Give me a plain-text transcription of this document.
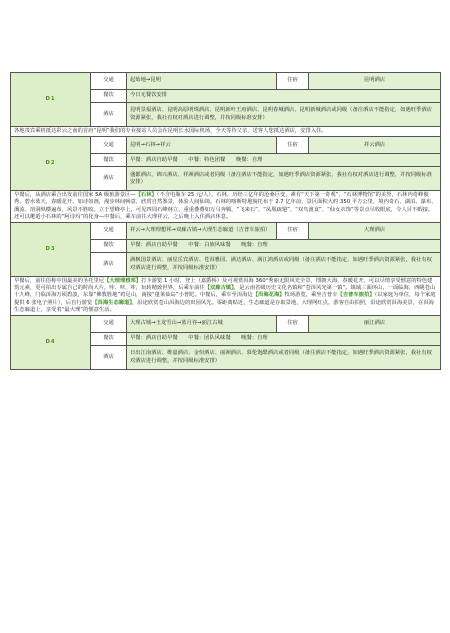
D1	交通	起始地→昆明	住宿	昆明酒店
	餐饮	今日无餐饮安排		
	酒店	昆明景福酒店、昆明高原明珠酒店、昆明新叶王府酒店、昆明春城酒店、昆明新城酒店或同级（备注酒店不能指定，如遇旺季酒店资源紧张，我社有权对酒店进行调整，并按同级标准安排）		
各地贵宾乘机抵达彩云之南的首府“昆明”我们的专业接站人员会在昆明长水国际机场，全天等待父亲，送客人您抵达酒店，安排入住。				
D2	交通	昆明→石林→祥云	住宿	祥云酒店
	餐饮	早餐：酒店自助早餐　　中餐：特色团餐　　晚餐：自理		
	酒店	盛都酒店、锦兴酒店、祥洲酒店或者同级（备注酒店不能指定，如遇旺季酒店资源紧张，我社有权对酒店进行调整，并按同级标准安排）		
早餐后，从酒店乘合出发前往国家 5A 级旅游景区—【石林】（不含电瓶车 25 元/人）。石林，历经三亿年的沧桑巨变，素有“天下第一奇观”、“石林博物馆”的美誉，石林内奇峰俊秀，碧水蓝天，春暖花开，如诗如画，漫步林间畅意，欣赏自然鉴景，体验人间仙境。石林的喀斯特地貌托布于 2.7 亿年前，景区面积大约 350 平方公里，境内奇石、湖泊、瀑布、溪流、溶洞纵横遍布，风景不胜收。立于望峰亭上，可见四周石峰林立，重重叠叠如万马奔腾，“飞来石”、“凤凰疏翅”、“双鸟渡食”、“仙女衣饰”等景点尽收眼底，令人目不暇接。还可以邂逅小石林的“阿诗玛”的化身—中餐后，乘车前往大理祥云，之后晚上入住酒店休息。				
D3	交通	祥云→大理理想邦→双廊古镇→大理生态廊道（吉普车旅拍）	住宿	大理酒店
	餐饮	早餐：酒店自助早餐　　中餐：白族风味餐　　晚餐：自理		
	酒店	满枫国景酒店、丽星岳宾酒店、苍洱雅园、满达酒店、满江鸿酒店或同级（备注酒店不能指定，如遇旺季酒店资源紧张，我社有权对酒店进行调整，并按同级标准安排）		
早餐后，前往俗称中国最美的圣托里尼【大理理想邦】打卡游览 1 小时，登上（嘉爵桥）及可观赏洱海 360°秀丽无限风光全景，图朝大海、春暖花开，可以尽情享受惬意的特色建筑元素，更可拍出专属自己的时尚大片，咔、咔、咔，玩转精致世界，后乘车前往【双廊古镇】，是云南省级历史文化名镇和“苍洱风光第一镇”。镇域三面环山，一面临海，西眺苍山十九峰，门临洱海万顷碧波，东靠“佛教胜地”鸡足山，南接“蓬莱仙岛”小普陀。中餐后，乘车至洱海边【洱海花海】牧场游览，乘坐吉普车【吉普车旅拍】（以家庭为单位，每个家庭提供 6 张电子照片），后自行游览【洱海生态廊道】，沿途欣赏苍山洱海边的田园风光。零距离贴近，生态廊道是存取景地，大理网红点，游客自由拍照，沿途欣赏洱海美景，在洱海生态廊道上，享受着“最大理”的惬意生活。				
D4	交通	大理古城→玉龙雪山→蓝月谷→丽江古城	住宿	丽江酒店
	餐饮	早餐：酒店自助早餐　　中餐：团队风味餐　　晚餐：自理		
	酒店	日出江南酒店、维嘉酒店、金恒酒店、丽洲酒店、慕伦饱酷酒店或者同级（备注酒店不能指定，如遇旺季酒店资源紧张，我社有权对酒店进行调整，并按同级标准安排）		
